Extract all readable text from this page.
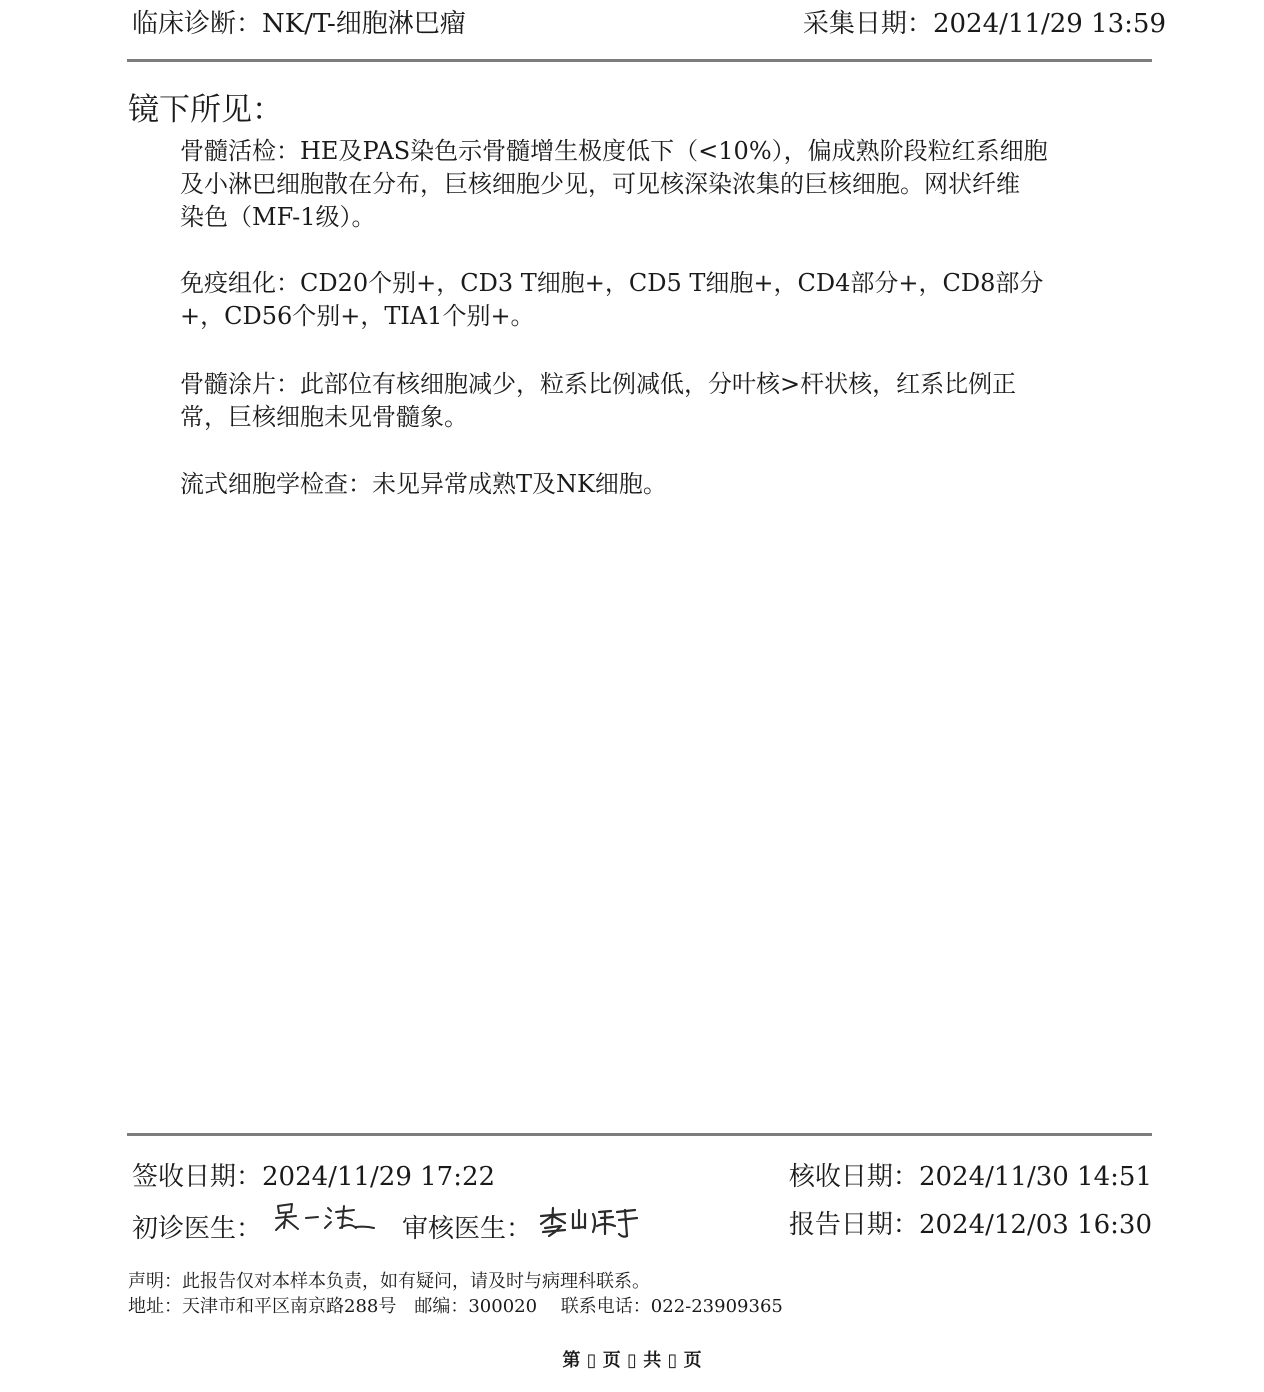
临床诊断：NK/T-细胞淋巴瘤	采集日期：2024/11/29 13:59
镜下所见：
骨髓活检：HE及PAS染色示骨髓增生极度低下（<10%），偏成熟阶段粒红系细胞
及小淋巴细胞散在分布，巨核细胞少见，可见核深染浓集的巨核细胞。网状纤维
染色（MF-1级）。
免疫组化：CD20个别+，CD3 T细胞+，CD5 T细胞+，CD4部分+，CD8部分
+，CD56个别+，TIA1个别+。
骨髓涂片：此部位有核细胞减少，粒系比例减低，分叶核>杆状核，红系比例正
常，巨核细胞未见骨髓象。
流式细胞学检查：未见异常成熟T及NK细胞。
签收日期：2024/11/29 17:22	核收日期：2024/11/30 14:51
初诊医生：	审核医生：	报告日期：2024/12/03 16:30
声明：此报告仅对本样本负责，如有疑问，请及时与病理科联系。
地址：天津市和平区南京路288号　邮编：300020　 联系电话：022-23909365
第 ▯ 页 ▯ 共 ▯ 页
